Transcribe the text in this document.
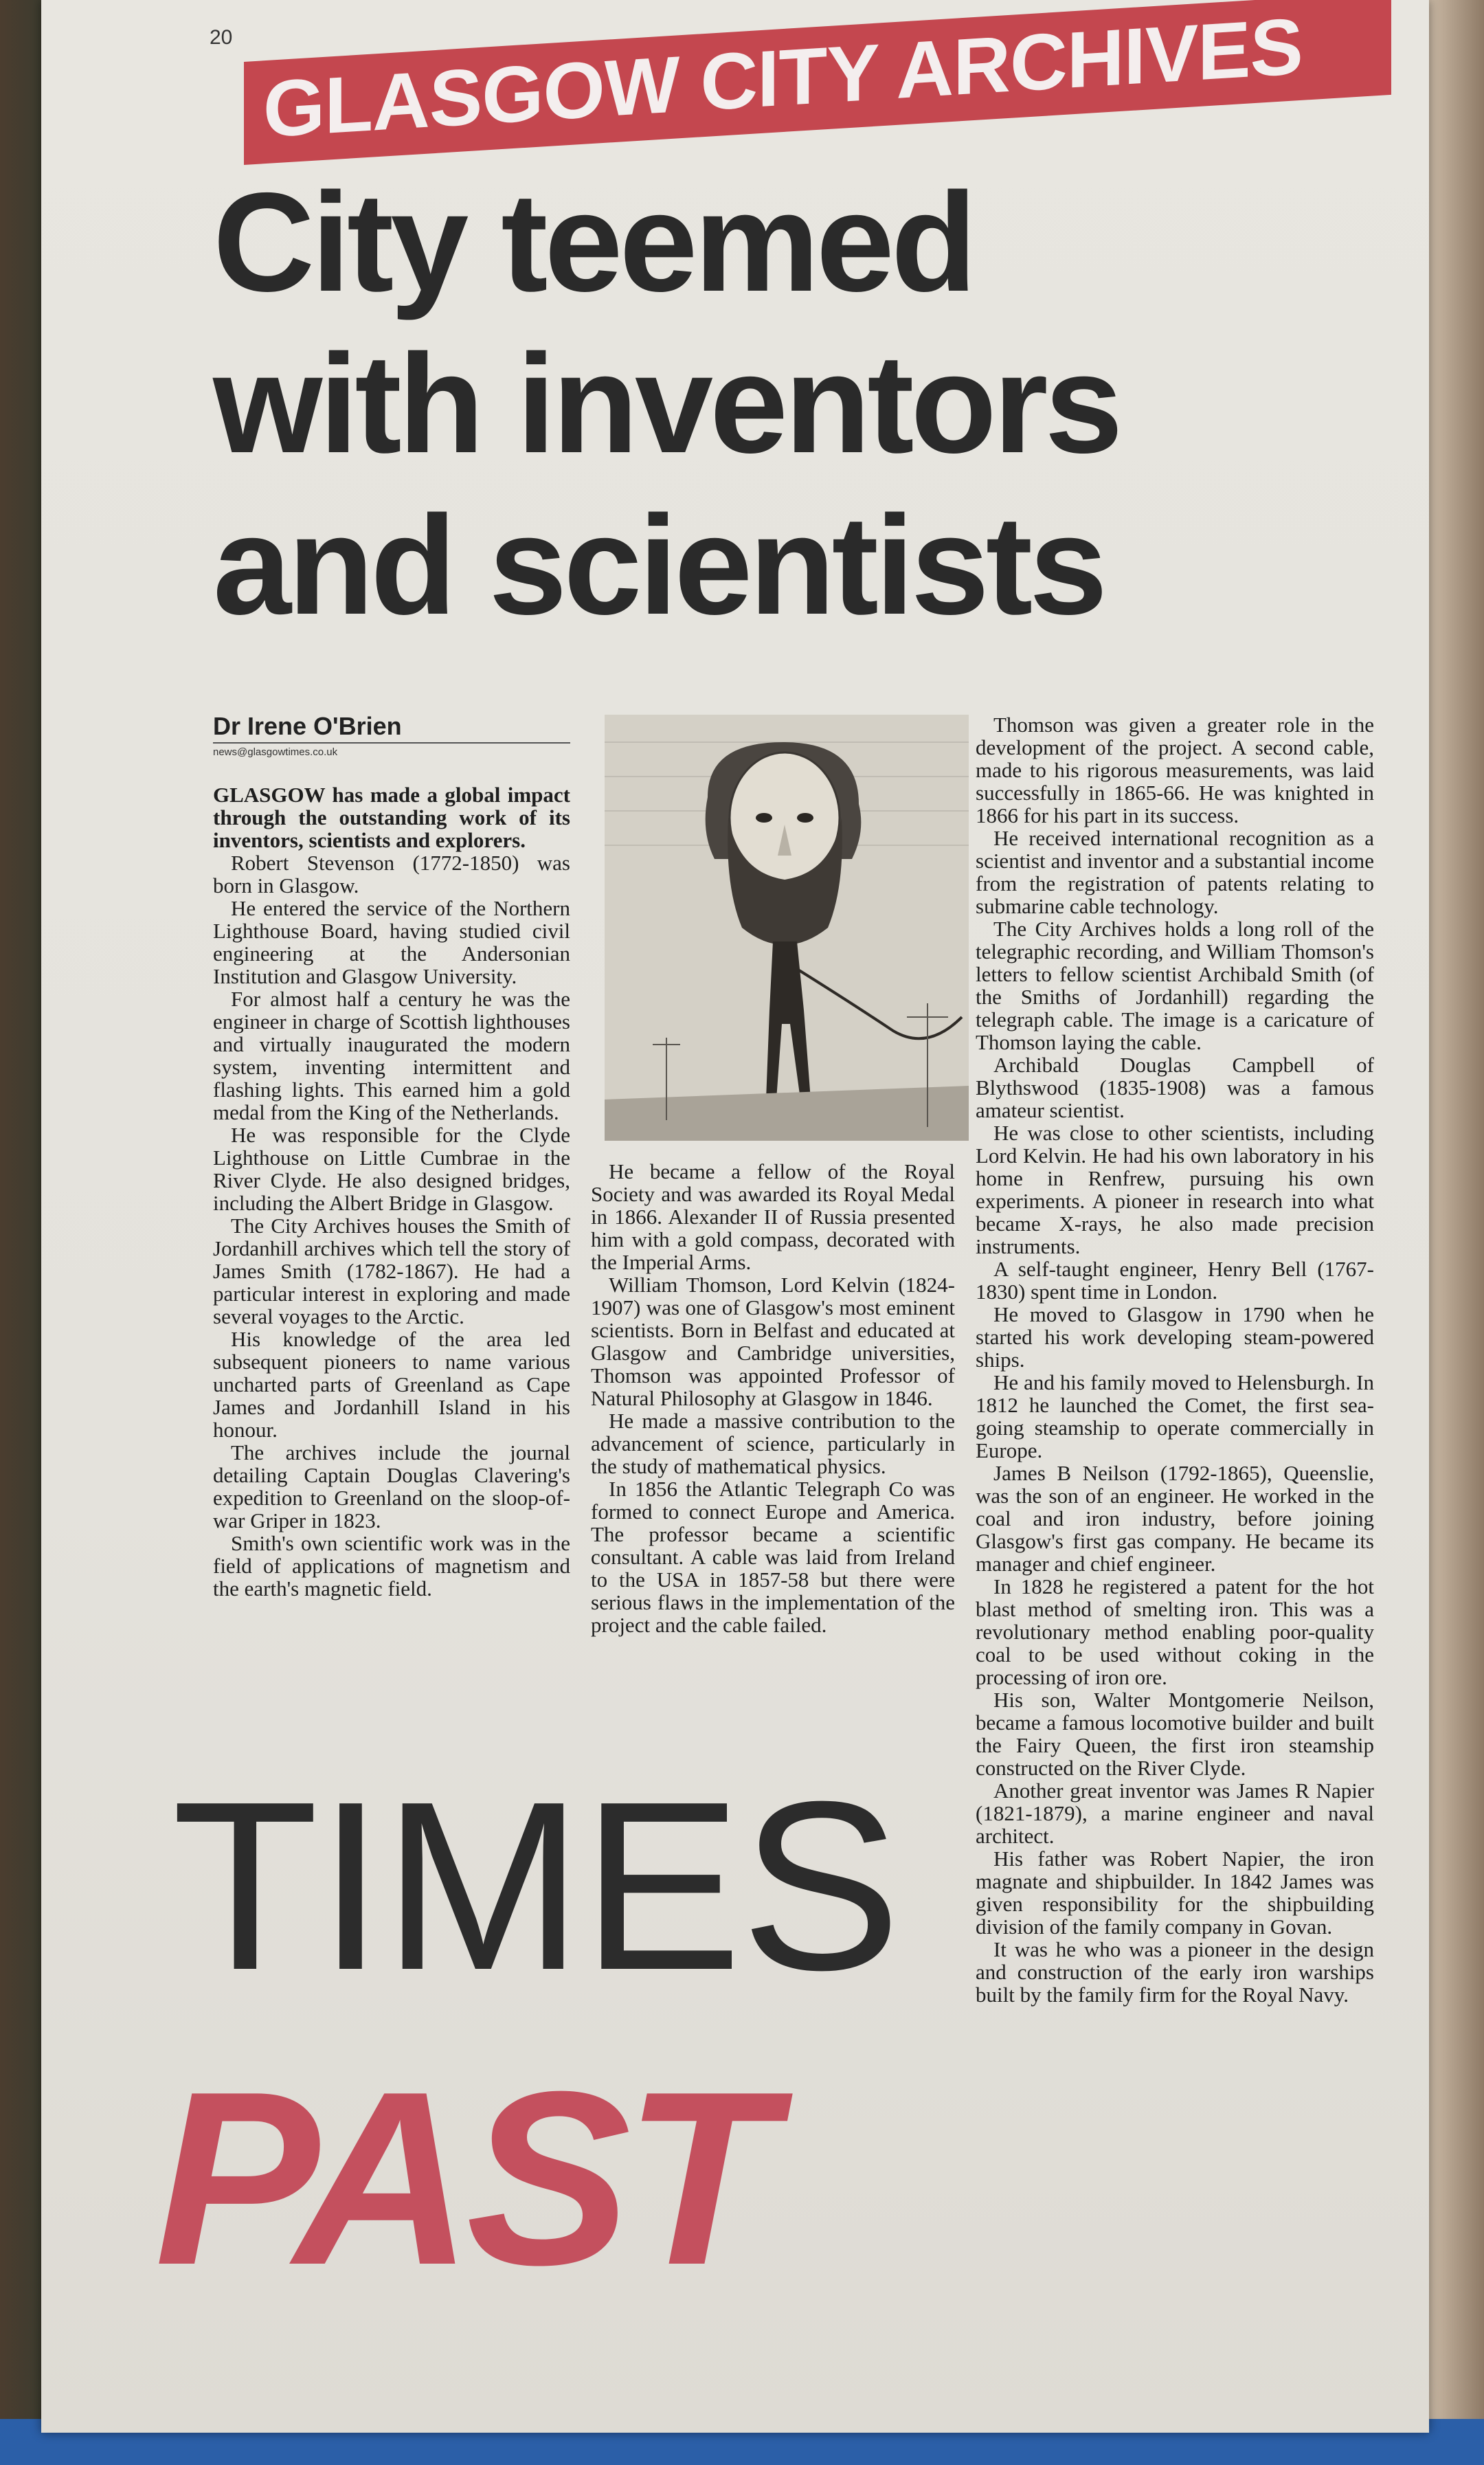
20 GLASGOW CITY ARCHIVES
City teemed
with inventors
and scientists
Dr Irene O'Brien
news@glasgowtimes.co.uk

GLASGOW has made a global impact through the outstanding work of its inventors, scientists and explorers.

Robert Stevenson (1772-1850) was born in Glasgow.

He entered the service of the Northern Lighthouse Board, having studied civil engineering at the Andersonian Institution and Glasgow University.

For almost half a century he was the engineer in charge of Scottish lighthouses and virtually inaugurated the modern system, inventing intermittent and flashing lights. This earned him a gold medal from the King of the Netherlands.

He was responsible for the Clyde Lighthouse on Little Cumbrae in the River Clyde. He also designed bridges, including the Albert Bridge in Glasgow.

The City Archives houses the Smith of Jordanhill archives which tell the story of James Smith (1782-1867). He had a particular interest in exploring and made several voyages to the Arctic.

His knowledge of the area led subsequent pioneers to name various uncharted parts of Greenland as Cape James and Jordanhill Island in his honour.

The archives include the journal detailing Captain Douglas Clavering's expedition to Greenland on the sloop-of-war Griper in 1823.

Smith's own scientific work was in the field of applications of magnetism and the earth's magnetic field.

He became a fellow of the Royal Society and was awarded its Royal Medal in 1866. Alexander II of Russia presented him with a gold compass, decorated with the Imperial Arms.

William Thomson, Lord Kelvin (1824-1907) was one of Glasgow's most eminent scientists. Born in Belfast and educated at Glasgow and Cambridge universities, Thomson was appointed Professor of Natural Philosophy at Glasgow in 1846.

He made a massive contribution to the advancement of science, particularly in the study of mathematical physics.

In 1856 the Atlantic Telegraph Co was formed to connect Europe and America. The professor became a scientific consultant. A cable was laid from Ireland to the USA in 1857-58 but there were serious flaws in the implementation of the project and the cable failed.

Thomson was given a greater role in the development of the project. A second cable, made to his rigorous measurements, was laid successfully in 1865-66. He was knighted in 1866 for his part in its success.

He received international recognition as a scientist and inventor and a substantial income from the registration of patents relating to submarine cable technology.

The City Archives holds a long roll of the telegraphic recording, and William Thomson's letters to fellow scientist Archibald Smith (of the Smiths of Jordanhill) regarding the telegraph cable. The image is a caricature of Thomson laying the cable.

Archibald Douglas Campbell of Blythswood (1835-1908) was a famous amateur scientist.

He was close to other scientists, including Lord Kelvin. He had his own laboratory in his home in Renfrew, pursuing his own experiments. A pioneer in research into what became X-rays, he also made precision instruments.

A self-taught engineer, Henry Bell (1767-1830) spent time in London.

He moved to Glasgow in 1790 when he started his work developing steam-powered ships.

He and his family moved to Helensburgh. In 1812 he launched the Comet, the first sea-going steamship to operate commercially in Europe.

James B Neilson (1792-1865), Queenslie, was the son of an engineer. He worked in the coal and iron industry, before joining Glasgow's first gas company. He became its manager and chief engineer.

In 1828 he registered a patent for the hot blast method of smelting iron. This was a revolutionary method enabling poor-quality coal to be used without coking in the processing of iron ore.

His son, Walter Montgomerie Neilson, became a famous locomotive builder and built the Fairy Queen, the first iron steamship constructed on the River Clyde.

Another great inventor was James R Napier (1821-1879), a marine engineer and naval architect.

His father was Robert Napier, the iron magnate and shipbuilder. In 1842 James was given responsibility for the shipbuilding division of the family company in Govan.

It was he who was a pioneer in the design and construction of the early iron warships built by the family firm for the Royal Navy.

TIMES
PAST
